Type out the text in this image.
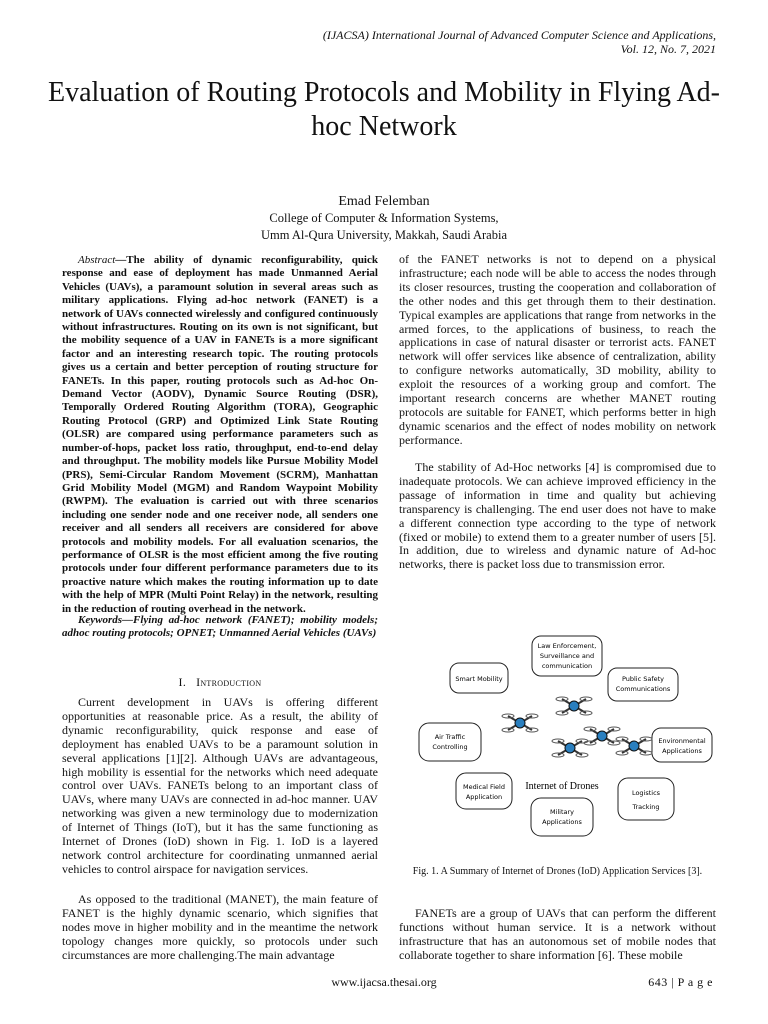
(IJACSA) International Journal of Advanced Computer Science and Applications,
Vol. 12, No. 7, 2021
Evaluation of Routing Protocols and Mobility in Flying Ad-hoc Network
Emad Felemban
College of Computer & Information Systems,
Umm Al-Qura University, Makkah, Saudi Arabia
Abstract—The ability of dynamic reconfigurability, quick response and ease of deployment has made Unmanned Aerial Vehicles (UAVs), a paramount solution in several areas such as military applications. Flying ad-hoc network (FANET) is a network of UAVs connected wirelessly and configured continuously without infrastructures. Routing on its own is not significant, but the mobility sequence of a UAV in FANETs is a more significant factor and an interesting research topic. The routing protocols gives us a certain and better perception of routing structure for FANETs. In this paper, routing protocols such as Ad-hoc On-Demand Vector (AODV), Dynamic Source Routing (DSR), Temporally Ordered Routing Algorithm (TORA), Geographic Routing Protocol (GRP) and Optimized Link State Routing (OLSR) are compared using performance parameters such as number-of-hops, packet loss ratio, throughput, end-to-end delay and throughput. The mobility models like Pursue Mobility Model (PRS), Semi-Circular Random Movement (SCRM), Manhattan Grid Mobility Model (MGM) and Random Waypoint Mobility (RWPM). The evaluation is carried out with three scenarios including one sender node and one receiver node, all senders one receiver and all senders all receivers are considered for above protocols and mobility models. For all evaluation scenarios, the performance of OLSR is the most efficient among the five routing protocols under four different performance parameters due to its proactive nature which makes the routing information up to date with the help of MPR (Multi Point Relay) in the network, resulting in the reduction of routing overhead in the network.
Keywords—Flying ad-hoc network (FANET); mobility models; adhoc routing protocols; OPNET; Unmanned Aerial Vehicles (UAVs)
I. Introduction

Current development in UAVs is offering different opportunities at reasonable price. As a result, the ability of dynamic reconfigurability, quick response and ease of deployment has enabled UAVs to be a paramount solution in several applications [1][2]. Although UAVs are advantageous, high mobility is essential for the networks which need adequate control over UAVs. FANETs belong to an important class of UAVs, where many UAVs are connected in ad-hoc manner. UAV networking was given a new terminology due to modernization of Internet of Things (IoT), but it has the same functioning as Internet of Drones (IoD) shown in Fig. 1. IoD is a layered network control architecture for coordinating unmanned aerial vehicles to control airspace for navigation services.

As opposed to the traditional (MANET), the main feature of FANET is the highly dynamic scenario, which signifies that nodes move in higher mobility and in the meantime the network topology changes more quickly, so protocols under such circumstances are more challenging.The main advantage

of the FANET networks is not to depend on a physical infrastructure; each node will be able to access the nodes through its closer resources, trusting the cooperation and collaboration of the other nodes and this get through them to their destination. Typical examples are applications that range from networks in the armed forces, to the applications of business, to reach the applications in case of natural disaster or terrorist acts. FANET network will offer services like absence of centralization, ability to configure networks automatically, 3D mobility, ability to exploit the resources of a working group and comfort. The important research concerns are whether MANET routing protocols are suitable for FANET, which performs better in high dynamic scenarios and the effect of nodes mobility on network performance.

The stability of Ad-Hoc networks [4] is compromised due to inadequate protocols. We can achieve improved efficiency in the passage of information in time and quality but achieving transparency is challenging. The end user does not have to make a different connection type according to the type of network (fixed or mobile) to extend them to a greater number of users [5]. In addition, due to wireless and dynamic nature of Ad-hoc networks, there is packet loss due to transmission error.

Law Enforcement,
Surveillance and
communication
Smart Mobility	Public Safety
Communications
Air Traffic
Controlling
Environmental
Applications
Medical Field
Application	Logistics
Tracking
Military
Applications
Internet of Drones
Fig. 1. A Summary of Internet of Drones (IoD) Application Services [3].

FANETs are a group of UAVs that can perform the different functions without human service. It is a network without infrastructure that has an autonomous set of mobile nodes that collaborate together to share information [6]. These mobile

www.ijacsa.thesai.org	643 | P a g e
